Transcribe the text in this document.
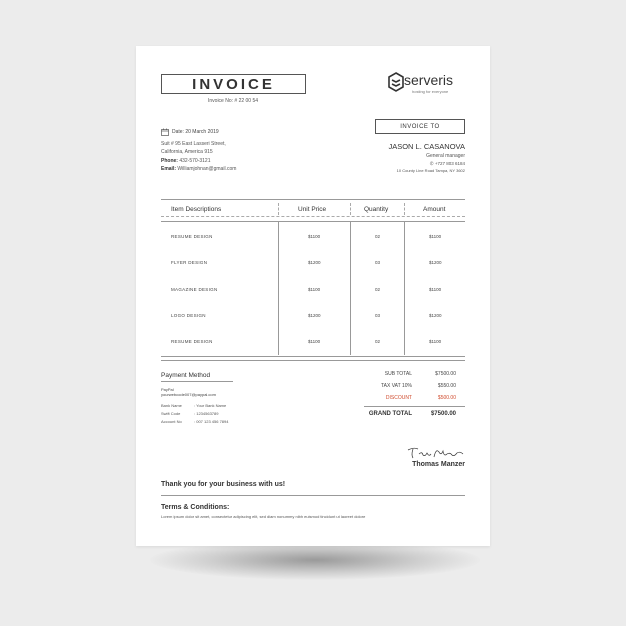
INVOICE
Invoice No: # 22 00 54
serveris
hosting for everyone
Date: 20 March 2019
Suit # 95 East Lasseri Street,
California, America 915
Phone: 432-570-3121
Email: Williamjohnan@gmail.com
INVOICE TO
JASON L. CASANOVA
General manager
✆ +727 803 6184
10 County Line Road Tampa, NY 3602
Item Descriptions	Unit Price	Quantity	Amount
RESUME DESIGN	$1100	02	$1100
FLYER DESIGN	$1200	03	$1200
MAGAZINE DESIGN	$1100	02	$1100
LOGO DESIGN	$1200	03	$1200
RESUME DESIGN	$1100	02	$1100
Payment Method
PayPal
yourwebcode007@paypal.com
Bank Name	: Your Bank Name
Swift Code	: 1234563789
Account No	: 007 123 456 7894
SUB TOTAL	$7500.00
TAX VAT 10%	$550.00
DISCOUNT	$500.00
GRAND TOTAL	$7500.00
Thomas Manzer
Thank you for your business with us!
Terms & Conditions:
Lorem ipsum dolor sit amet, consectetur adipiscing elit, sed diam nonummy nibh euismod tincidunt ut laoreet dolore
